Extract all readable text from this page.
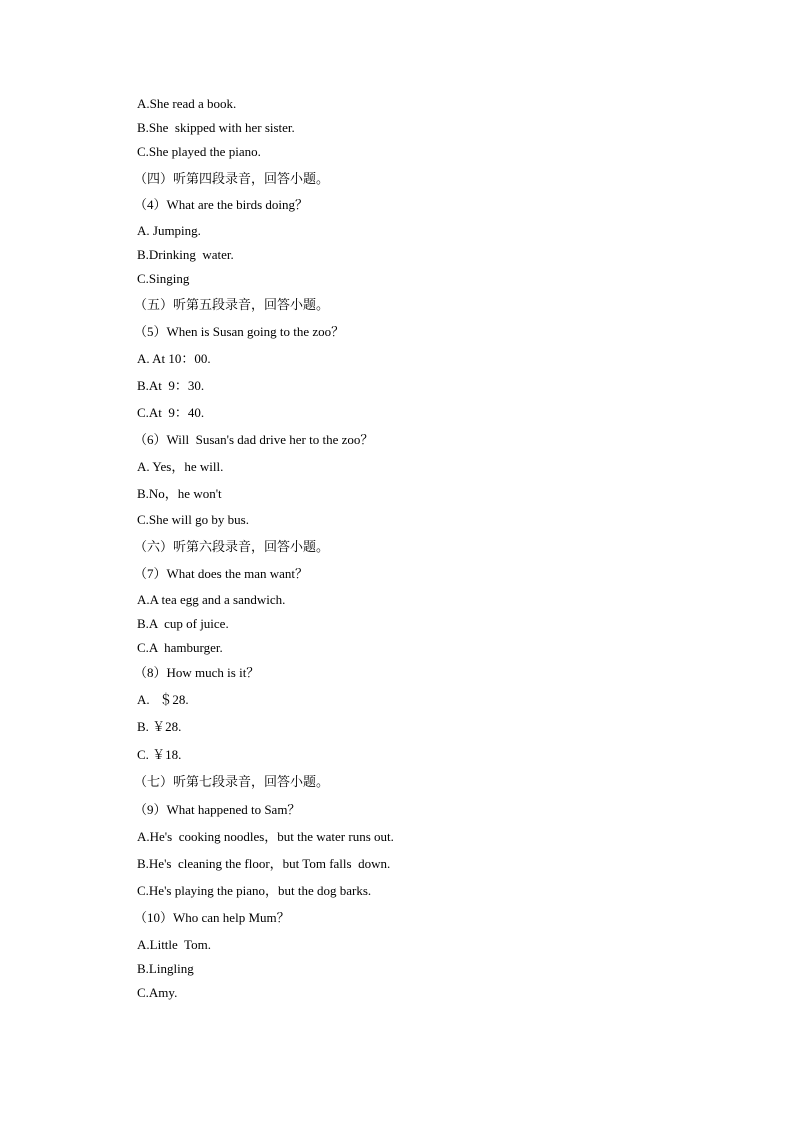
A.She read a book.
B.She  skipped with her sister.
C.She played the piano.
（四）听第四段录音，回答小题。
（4）What are the birds doing？
A. Jumping.
B.Drinking  water.
C.Singing
（五）听第五段录音，回答小题。
（5）When is Susan going to the zoo？
A. At 10：00.
B.At  9：30.
C.At  9：40.
（6）Will  Susan's dad drive her to the zoo？
A. Yes，he will.
B.No，he won't
C.She will go by bus.
（六）听第六段录音，回答小题。
（7）What does the man want？
A.A tea egg and a sandwich.
B.A  cup of juice.
C.A  hamburger.
（8）How much is it？
A.   ＄28.
B. ￥28.
C. ￥18.
（七）听第七段录音，回答小题。
（9）What happened to Sam？
A.He's  cooking noodles，but the water runs out.
B.He's  cleaning the floor，but Tom falls  down.
C.He's playing the piano，but the dog barks.
（10）Who can help Mum？
A.Little  Tom.
B.Lingling
C.Amy.
